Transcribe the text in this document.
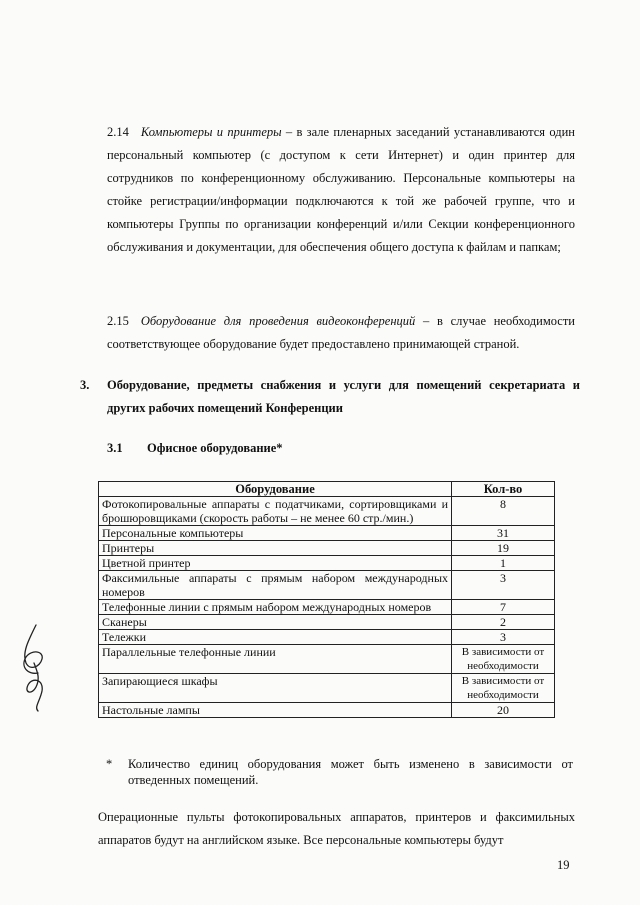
2.14 Компьютеры и принтеры – в зале пленарных заседаний устанавливаются один персональный компьютер (с доступом к сети Интернет) и один принтер для сотрудников по конференционному обслуживанию. Персональные компьютеры на стойке регистрации/информации подключаются к той же рабочей группе, что и компьютеры Группы по организации конференций и/или Секции конференционного обслуживания и документации, для обеспечения общего доступа к файлам и папкам;

2.15 Оборудование для проведения видеоконференций – в случае необходимости соответствующее оборудование будет предоставлено принимающей страной.

3. Оборудование, предметы снабжения и услуги для помещений секретариата и других рабочих помещений Конференции
3.1 Офисное оборудование*
Оборудование	Кол-во
Фотокопировальные аппараты с податчиками, сортировщиками и брошюровщиками (скорость работы – не менее 60 стр./мин.)	8
Персональные компьютеры	31
Принтеры	19
Цветной принтер	1
Факсимильные аппараты с прямым набором международных номеров	3
Телефонные линии с прямым набором международных номеров	7
Сканеры	2
Тележки	3
Параллельные телефонные линии	В зависимости от необходимости
Запирающиеся шкафы	В зависимости от необходимости
Настольные лампы	20
* Количество единиц оборудования может быть изменено в зависимости от отведенных помещений.

Операционные пульты фотокопировальных аппаратов, принтеров и факсимильных аппаратов будут на английском языке. Все персональные компьютеры будут

19
